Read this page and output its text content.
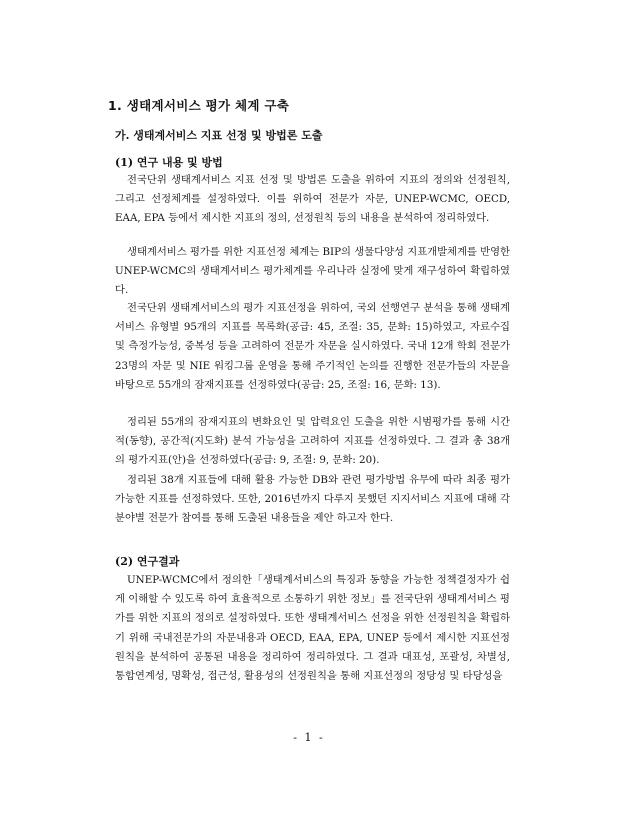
1. 생태계서비스 평가 체계 구축
가. 생태계서비스 지표 선정 및 방법론 도출
(1) 연구 내용 및 방법

전국단위 생태계서비스 지표 선정 및 방법론 도출을 위하여 지표의 정의와 선정원칙, 그리고 선정체계를 설정하였다. 이를 위하여 전문가 자문, UNEP-WCMC, OECD, EAA, EPA 등에서 제시한 지표의 정의, 선정원칙 등의 내용을 분석하여 정리하였다.

생태계서비스 평가를 위한 지표선정 체계는 BIP의 생물다양성 지표개발체계를 반영한 UNEP-WCMC의 생태계서비스 평가체계를 우리나라 실정에 맞게 재구성하여 확립하였다.

전국단위 생태계서비스의 평가 지표선정을 위하여, 국외 선행연구 분석을 통해 생태계서비스 유형별 95개의 지표를 목록화(공급: 45, 조절: 35, 문화: 15)하였고, 자료수집 및 측정가능성, 중복성 등을 고려하여 전문가 자문을 실시하였다. 국내 12개 학회 전문가 23명의 자문 및 NIE 워킹그룹 운영을 통해 주기적인 논의를 진행한 전문가들의 자문을 바탕으로 55개의 잠재지표를 선정하였다(공급: 25, 조절: 16, 문화: 13).

정리된 55개의 잠재지표의 변화요인 및 압력요인 도출을 위한 시범평가를 통해 시간적(동향), 공간적(지도화) 분석 가능성을 고려하여 지표를 선정하였다. 그 결과 총 38개의 평가지표(안)을 선정하였다(공급: 9, 조절: 9, 문화: 20).

정리된 38개 지표들에 대해 활용 가능한 DB와 관련 평가방법 유무에 따라 최종 평가 가능한 지표를 선정하였다. 또한, 2016년까지 다루지 못했던 지지서비스 지표에 대해 각 분야별 전문가 참여를 통해 도출된 내용들을 제안 하고자 한다.

(2) 연구결과

UNEP-WCMC에서 정의한「생태계서비스의 특징과 동향을 가능한 정책결정자가 쉽게 이해할 수 있도록 하여 효율적으로 소통하기 위한 정보」를 전국단위 생태계서비스 평가를 위한 지표의 정의로 설정하였다. 또한 생태계서비스 선정을 위한 선정원칙을 확립하기 위해 국내전문가의 자문내용과 OECD, EAA, EPA, UNEP 등에서 제시한 지표선정원칙을 분석하여 공통된 내용을 정리하여 정리하였다. 그 결과 대표성, 포괄성, 차별성, 통합연계성, 명확성, 접근성, 활용성의 선정원칙을 통해 지표선정의 정당성 및 타당성을

- 1 -
